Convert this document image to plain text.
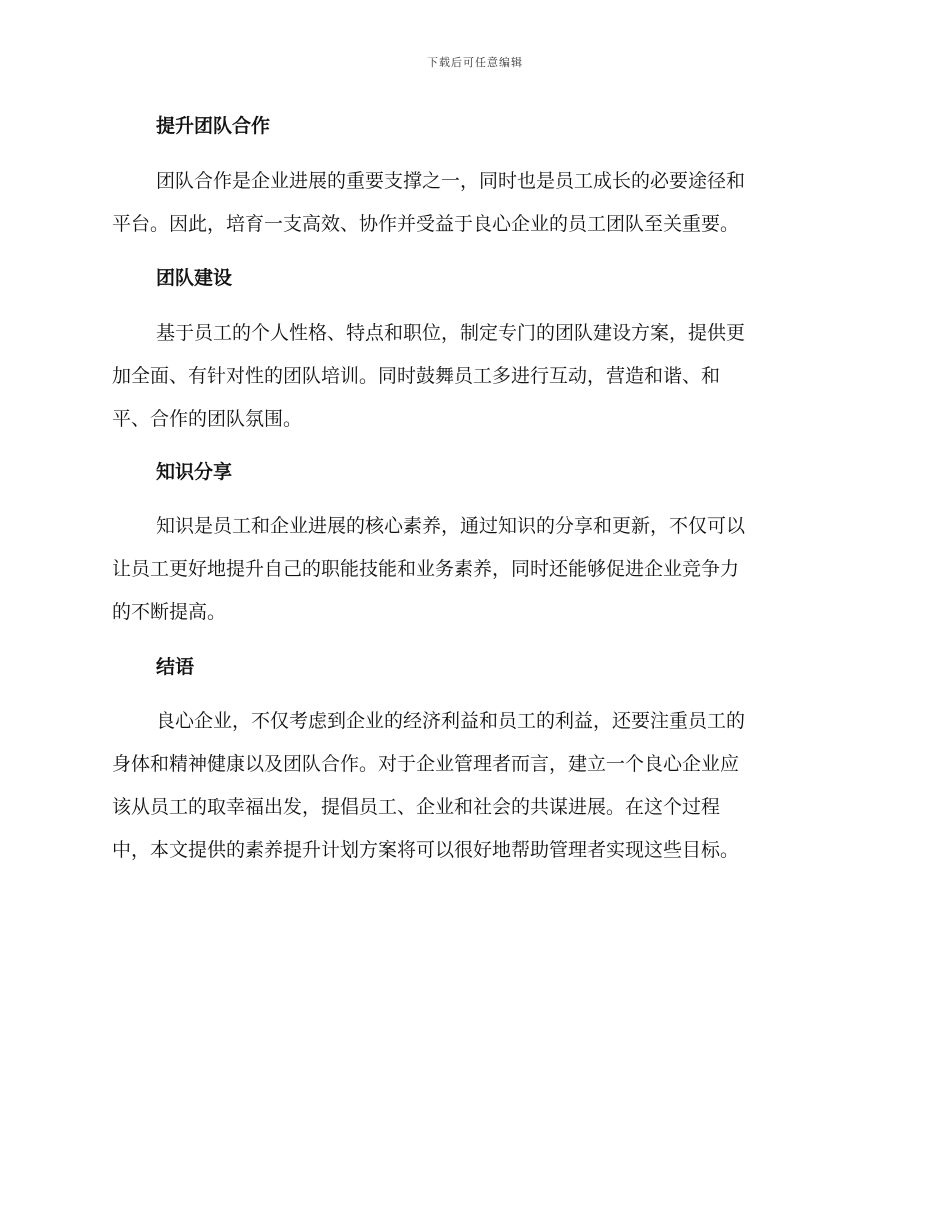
下载后可任意编辑
提升团队合作
团队合作是企业进展的重要支撑之一，同时也是员工成长的必要途径和
平台。因此，培育一支高效、协作并受益于良心企业的员工团队至关重要。
团队建设
基于员工的个人性格、特点和职位，制定专门的团队建设方案，提供更
加全面、有针对性的团队培训。同时鼓舞员工多进行互动，营造和谐、和
平、合作的团队氛围。
知识分享
知识是员工和企业进展的核心素养，通过知识的分享和更新，不仅可以
让员工更好地提升自己的职能技能和业务素养，同时还能够促进企业竞争力
的不断提高。
结语
良心企业，不仅考虑到企业的经济利益和员工的利益，还要注重员工的
身体和精神健康以及团队合作。对于企业管理者而言，建立一个良心企业应
该从员工的取幸福出发，提倡员工、企业和社会的共谋进展。在这个过程
中，本文提供的素养提升计划方案将可以很好地帮助管理者实现这些目标。
